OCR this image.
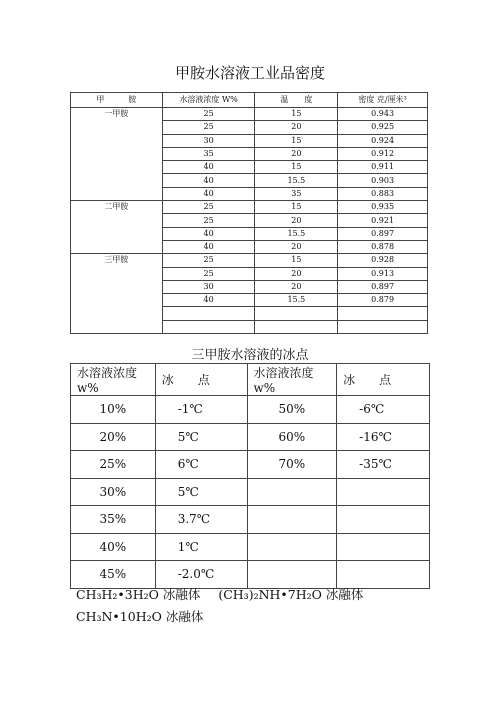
甲胺水溶液工业品密度
甲　　　胺	水溶液浓度 W%	温　　度	密度 克/厘米³
一甲胺	25	15	0.943
	25	20	0.925
	30	15	0.924
	35	20	0.912
	40	15	0.911
	40	15.5	0.903
	40	35	0.883
二甲胺	25	15	0.935
	25	20	0.921
	40	15.5	0.897
	40	20	0.878
三甲胺	25	15	0.928
	25	20	0.913
	30	20	0.897
	40	15.5	0.879

三甲胺水溶液的冰点
水溶液浓度 w%	冰　　点	水溶液浓度 w%	冰　　点
10%	-1℃	50%	-6℃
20%	5℃	60%	-16℃
25%	6℃	70%	-35℃
30%	5℃		
35%	3.7℃		
40%	1℃		
45%	-2.0℃		
CH₃H₂•3H₂O 冰融体 (CH₃)₂NH•7H₂O 冰融体 CH₃N•10H₂O 冰融体
